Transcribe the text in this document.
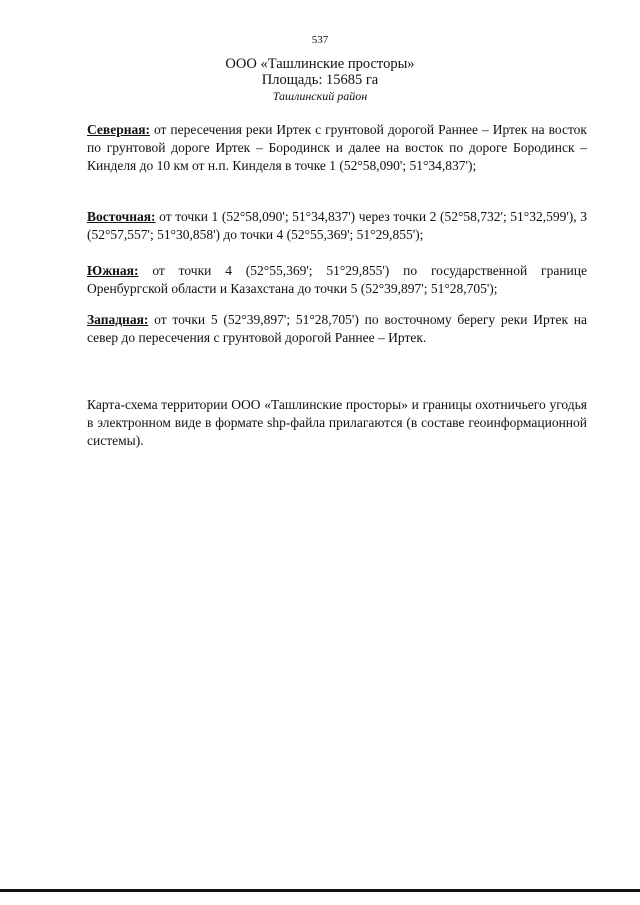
537
ООО «Ташлинские просторы»
Площадь: 15685 га
Ташлинский район

Северная: от пересечения реки Иртек с грунтовой дорогой Раннее – Иртек на восток по грунтовой дороге Иртек – Бородинск и далее на восток по дороге Бородинск – Кинделя до 10 км от н.п. Кинделя в точке 1 (52°58,090'; 51°34,837');

Восточная: от точки 1 (52°58,090'; 51°34,837') через точки 2 (52°58,732'; 51°32,599'), 3 (52°57,557'; 51°30,858') до точки 4 (52°55,369'; 51°29,855');

Южная: от точки 4 (52°55,369'; 51°29,855') по государственной границе Оренбургской области и Казахстана до точки 5 (52°39,897'; 51°28,705');

Западная: от точки 5 (52°39,897'; 51°28,705') по восточному берегу реки Иртек на север до пересечения с грунтовой дорогой Раннее – Иртек.

Карта-схема территории ООО «Ташлинские просторы» и границы охотничьего угодья в электронном виде в формате shp-файла прилагаются (в составе геоинформационной системы).
